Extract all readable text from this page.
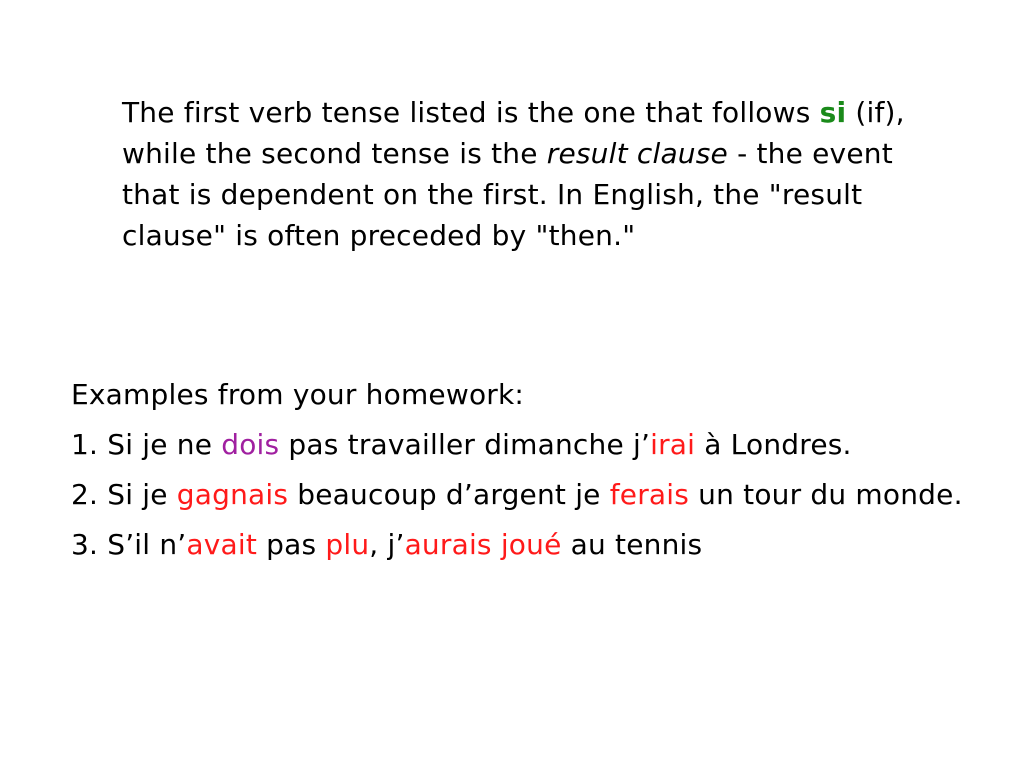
The first verb tense listed is the one that follows si (if), while the second tense is the result clause - the event that is dependent on the first. In English, the "result clause" is often preceded by "then."
Examples from your homework:
1. Si je ne dois pas travailler dimanche j’irai à Londres.
2. Si je gagnais beaucoup d’argent je ferais un tour du monde.
3. S’il n’avait pas plu, j’aurais joué au tennis
